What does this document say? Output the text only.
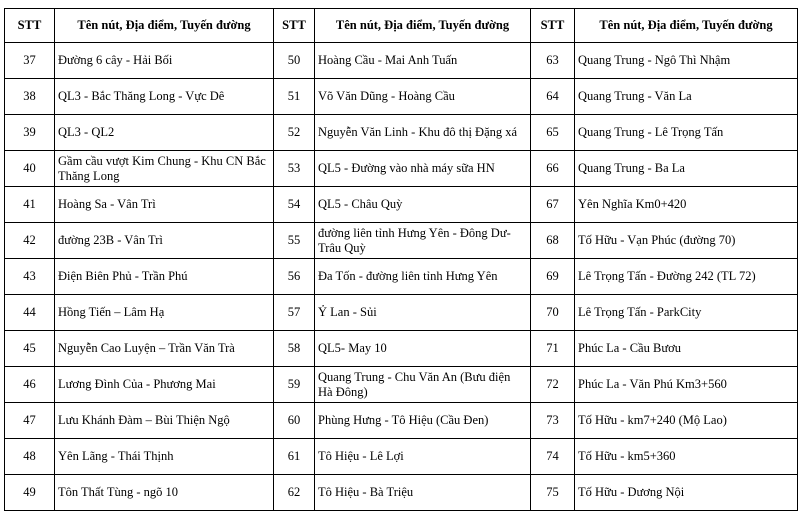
STT	Tên nút, Địa điểm, Tuyến đường	STT	Tên nút, Địa điểm, Tuyến đường	STT	Tên nút, Địa điểm, Tuyến đường
37	Đường 6 cây - Hải Bối	50	Hoàng Cầu - Mai Anh Tuấn	63	Quang Trung - Ngô Thì Nhậm
38	QL3 - Bắc Thăng Long - Vực Dê	51	Võ Văn Dũng - Hoàng Cầu	64	Quang Trung - Văn La
39	QL3 - QL2	52	Nguyễn Văn Linh - Khu đô thị Đặng xá	65	Quang Trung - Lê Trọng Tấn
40	Gầm cầu vượt Kim Chung - Khu CN Bắc Thăng Long	53	QL5 - Đường vào nhà máy sữa HN	66	Quang Trung - Ba La
41	Hoàng Sa - Vân Trì	54	QL5 - Châu Quỳ	67	Yên Nghĩa Km0+420
42	đường 23B - Vân Trì	55	đường liên tỉnh Hưng Yên - Đông Dư-Trâu Quỳ	68	Tố Hữu - Vạn Phúc (đường 70)
43	Điện Biên Phủ - Trần Phú	56	Đa Tốn - đường liên tỉnh Hưng Yên	69	Lê Trọng Tấn - Đường 242 (TL 72)
44	Hồng Tiến – Lâm Hạ	57	Ỷ Lan - Sủi	70	Lê Trọng Tấn - ParkCity
45	Nguyễn Cao Luyện – Trần Văn Trà	58	QL5- May 10	71	Phúc La - Cầu Bươu
46	Lương Đình Của - Phương Mai	59	Quang Trung - Chu Văn An (Bưu điện Hà Đông)	72	Phúc La - Văn Phú Km3+560
47	Lưu Khánh Đàm – Bùi Thiện Ngộ	60	Phùng Hưng - Tô Hiệu (Cầu Đen)	73	Tố Hữu - km7+240 (Mộ Lao)
48	Yên Lãng - Thái Thịnh	61	Tô Hiệu - Lê Lợi	74	Tố Hữu - km5+360
49	Tôn Thất Tùng - ngõ 10	62	Tô Hiệu - Bà Triệu	75	Tố Hữu - Dương Nội
